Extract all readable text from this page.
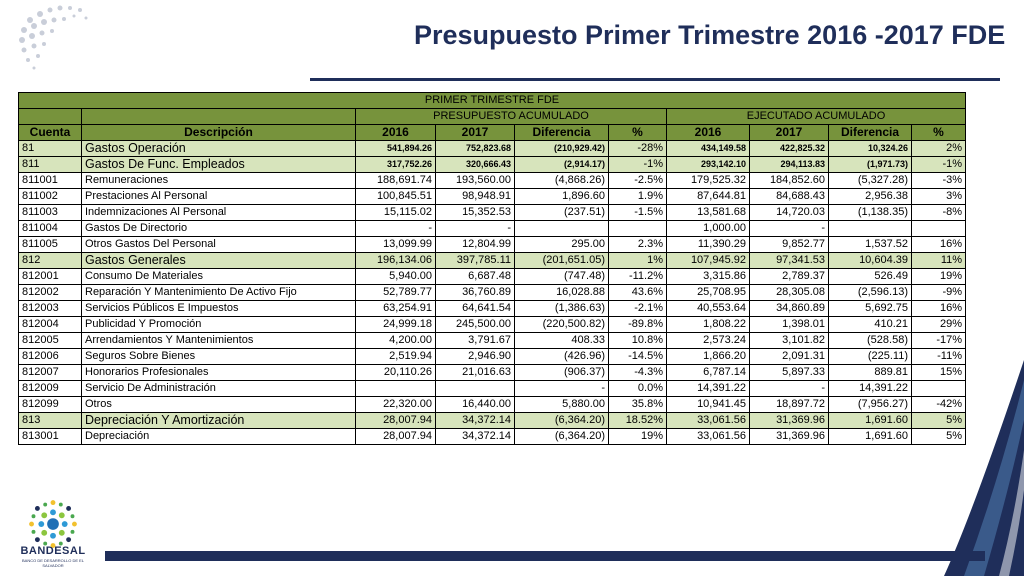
Presupuesto Primer Trimestre 2016 -2017 FDE
BANDESAL
BANCO DE DESARROLLO DE EL SALVADOR
PRIMER TRIMESTRE FDE									
		PRESUPUESTO ACUMULADO				EJECUTADO ACUMULADO			
Cuenta	Descripción	2016	2017	Diferencia	%	2016	2017	Diferencia	%
81	Gastos Operación	541,894.26	752,823.68	(210,929.42)	-28%	434,149.58	422,825.32	10,324.26	2%
811	Gastos De Func. Empleados	317,752.26	320,666.43	(2,914.17)	-1%	293,142.10	294,113.83	(1,971.73)	-1%
811001	Remuneraciones	188,691.74	193,560.00	(4,868.26)	-2.5%	179,525.32	184,852.60	(5,327.28)	-3%
811002	Prestaciones Al Personal	100,845.51	98,948.91	1,896.60	1.9%	87,644.81	84,688.43	2,956.38	3%
811003	Indemnizaciones Al Personal	15,115.02	15,352.53	(237.51)	-1.5%	13,581.68	14,720.03	(1,138.35)	-8%
811004	Gastos De Directorio	-	-			1,000.00	-		
811005	Otros Gastos Del Personal	13,099.99	12,804.99	295.00	2.3%	11,390.29	9,852.77	1,537.52	16%
812	Gastos Generales	196,134.06	397,785.11	(201,651.05)	1%	107,945.92	97,341.53	10,604.39	11%
812001	Consumo De Materiales	5,940.00	6,687.48	(747.48)	-11.2%	3,315.86	2,789.37	526.49	19%
812002	Reparación Y Mantenimiento De Activo Fijo	52,789.77	36,760.89	16,028.88	43.6%	25,708.95	28,305.08	(2,596.13)	-9%
812003	Servicios Públicos E Impuestos	63,254.91	64,641.54	(1,386.63)	-2.1%	40,553.64	34,860.89	5,692.75	16%
812004	Publicidad Y Promoción	24,999.18	245,500.00	(220,500.82)	-89.8%	1,808.22	1,398.01	410.21	29%
812005	Arrendamientos Y Mantenimientos	4,200.00	3,791.67	408.33	10.8%	2,573.24	3,101.82	(528.58)	-17%
812006	Seguros Sobre Bienes	2,519.94	2,946.90	(426.96)	-14.5%	1,866.20	2,091.31	(225.11)	-11%
812007	Honorarios Profesionales	20,110.26	21,016.63	(906.37)	-4.3%	6,787.14	5,897.33	889.81	15%
812009	Servicio De Administración			-	0.0%	14,391.22	-	14,391.22	
812099	Otros	22,320.00	16,440.00	5,880.00	35.8%	10,941.45	18,897.72	(7,956.27)	-42%
813	Depreciación Y Amortización	28,007.94	34,372.14	(6,364.20)	18.52%	33,061.56	31,369.96	1,691.60	5%
813001	Depreciación	28,007.94	34,372.14	(6,364.20)	19%	33,061.56	31,369.96	1,691.60	5%
